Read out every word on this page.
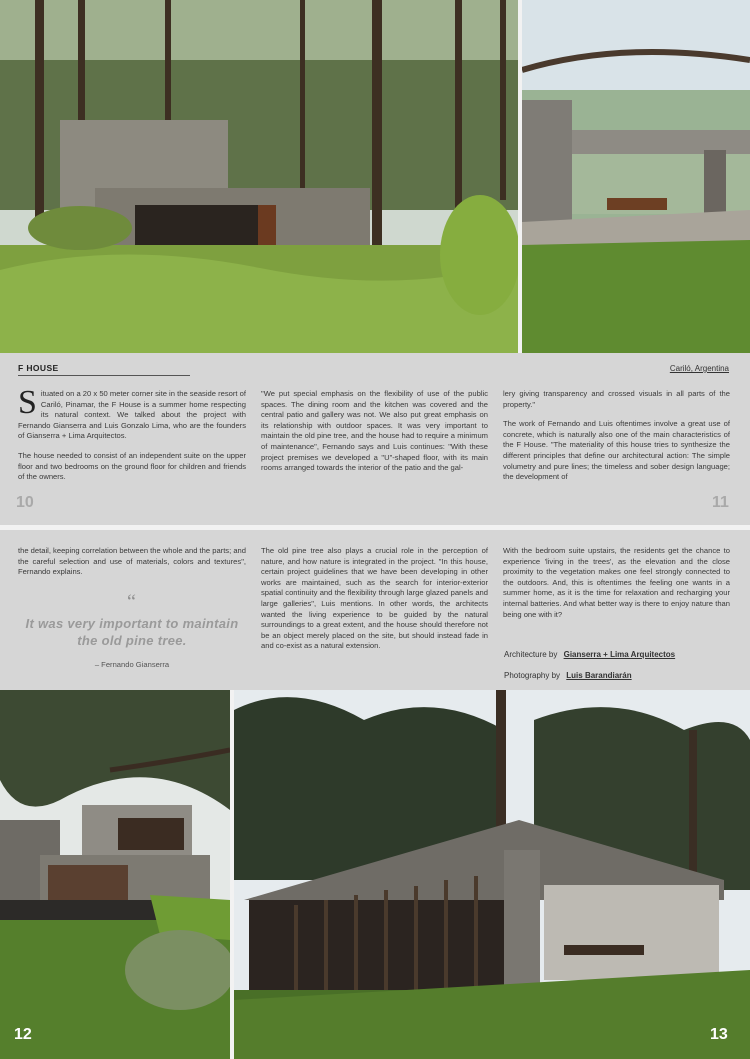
F HOUSE	Cariló, Argentina

Situated on a 20 x 50 meter corner site in the seaside resort of Cariló, Pinamar, the F House is a summer home respecting its natural context. We talked about the project with Fernando Gianserra and Luis Gonzalo Lima, who are the founders of Gianserra + Lima Arquitectos.

The house needed to consist of an independent suite on the upper floor and two bedrooms on the ground floor for children and friends of the owners.

"We put special emphasis on the flexibility of use of the public spaces. The dining room and the kitchen was covered and the central patio and gallery was not. We also put great emphasis on its relationship with outdoor spaces. It was very important to maintain the old pine tree, and the house had to require a minimum of maintenance", Fernando says and Luis continues: "With these project premises we developed a "U"-shaped floor, with its main rooms arranged towards the interior of the patio and the gal-

lery giving transparency and crossed visuals in all parts of the property."

The work of Fernando and Luis oftentimes involve a great use of concrete, which is naturally also one of the main characteristics of the F House. "The materiality of this house tries to synthesize the different principles that define our architectural action: The simple volumetry and pure lines; the timeless and sober design language; the development of

10	11

the detail, keeping correlation between the whole and the parts; and the careful selection and use of materials, colors and textures", Fernando explains.

“
It was very important to maintain the old pine tree.
– Fernando Gianserra

The old pine tree also plays a crucial role in the perception of nature, and how nature is integrated in the project. "In this house, certain project guidelines that we have been developing in other works are maintained, such as the search for interior-exterior spatial continuity and the flexibility through large glazed panels and large galleries", Luis mentions. In other words, the architects wanted the living experience to be guided by the natural surroundings to a great extent, and the house should therefore not be an object merely placed on the site, but should instead fade in and co-exist as a natural extension.

With the bedroom suite upstairs, the residents get the chance to experience 'living in the trees', as the elevation and the close proximity to the vegetation makes one feel strongly connected to the outdoors. And, this is oftentimes the feeling one wants in a summer home, as it is the time for relaxation and recharging your internal batteries. And what better way is there to enjoy nature than being one with it?

Architecture by Gianserra + Lima Arquitectos
Photography by Luis Barandiarán
12	13
